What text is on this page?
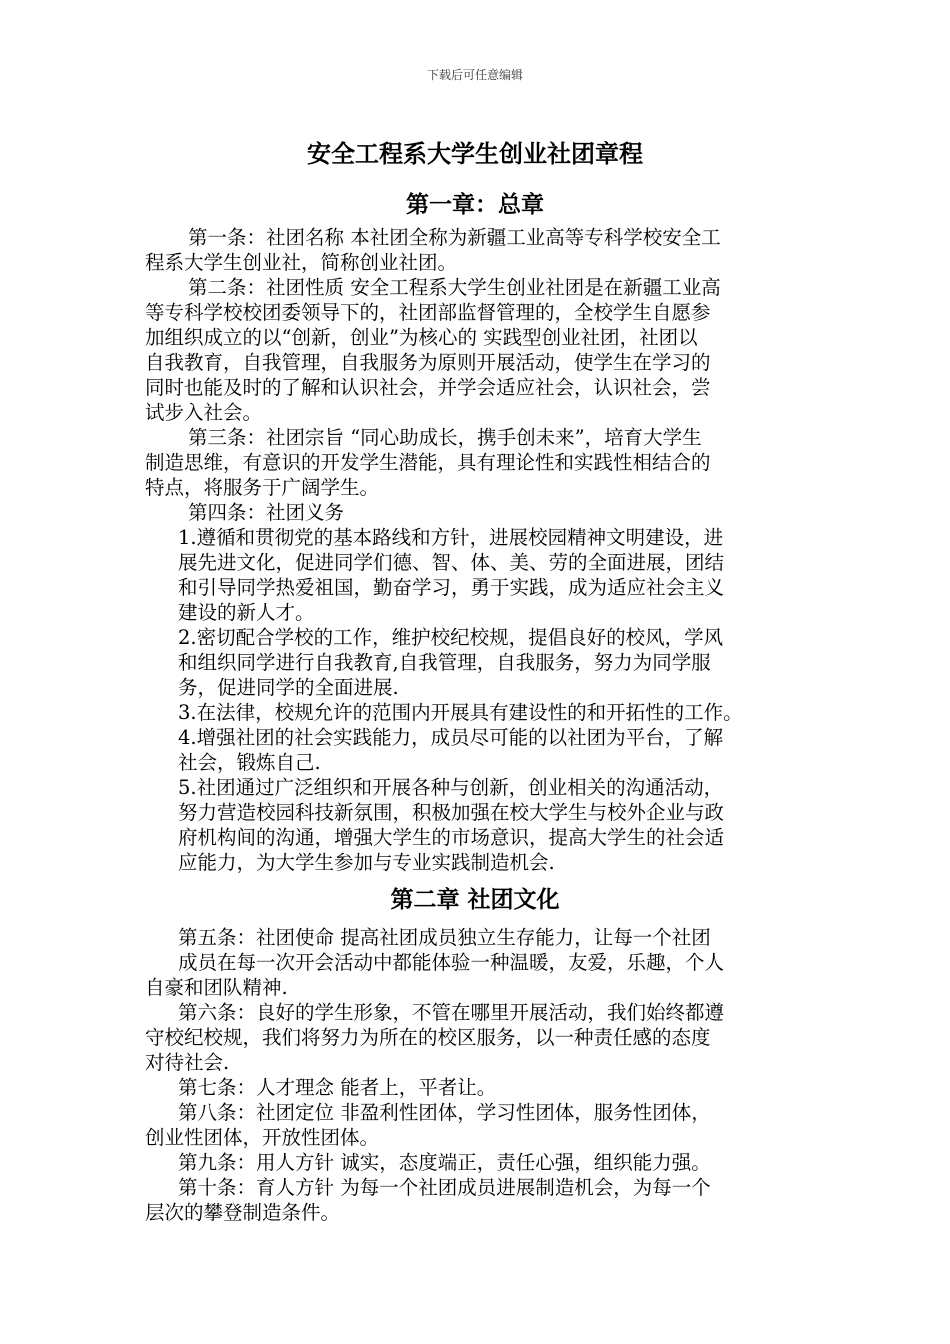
下载后可任意编辑
安全工程系大学生创业社团章程
第一章：总章
第一条：社团名称 本社团全称为新疆工业高等专科学校安全工
程系大学生创业社，简称创业社团。
第二条：社团性质 安全工程系大学生创业社团是在新疆工业高
等专科学校校团委领导下的，社团部监督管理的，全校学生自愿参
加组织成立的以“创新，创业”为核心的 实践型创业社团，社团以
自我教育，自我管理，自我服务为原则开展活动，使学生在学习的
同时也能及时的了解和认识社会，并学会适应社会，认识社会，尝
试步入社会。
第三条：社团宗旨 “同心助成长，携手创未来”，培育大学生
制造思维，有意识的开发学生潜能，具有理论性和实践性相结合的
特点，将服务于广阔学生。
第四条：社团义务
1.遵循和贯彻党的基本路线和方针，进展校园精神文明建设，进
展先进文化，促进同学们德、智、体、美、劳的全面进展，团结
和引导同学热爱祖国，勤奋学习，勇于实践，成为适应社会主义
建设的新人才。
2.密切配合学校的工作，维护校纪校规，提倡良好的校风，学风
和组织同学进行自我教育,自我管理，自我服务，努力为同学服
务，促进同学的全面进展.
3.在法律，校规允许的范围内开展具有建设性的和开拓性的工作。
4.增强社团的社会实践能力，成员尽可能的以社团为平台，了解
社会，锻炼自己.
5.社团通过广泛组织和开展各种与创新，创业相关的沟通活动，
努力营造校园科技新氛围，积极加强在校大学生与校外企业与政
府机构间的沟通，增强大学生的市场意识，提高大学生的社会适
应能力，为大学生参加与专业实践制造机会.
第二章 社团文化
第五条：社团使命 提高社团成员独立生存能力，让每一个社团
成员在每一次开会活动中都能体验一种温暖，友爱，乐趣，个人
自豪和团队精神.
第六条：良好的学生形象，不管在哪里开展活动，我们始终都遵
守校纪校规，我们将努力为所在的校区服务，以一种责任感的态度
对待社会.
第七条：人才理念 能者上，平者让。
第八条：社团定位 非盈利性团体，学习性团体，服务性团体，
创业性团体，开放性团体。
第九条：用人方针 诚实，态度端正，责任心强，组织能力强。
第十条：育人方针 为每一个社团成员进展制造机会，为每一个
层次的攀登制造条件。
